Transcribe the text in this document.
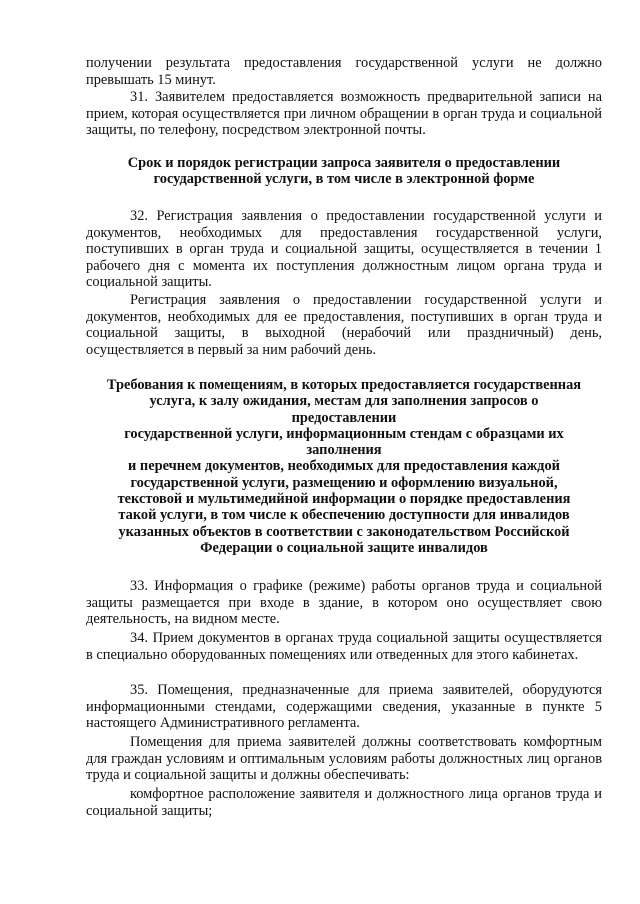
получении результата предоставления государственной услуги не должно превышать 15 минут.

31. Заявителем предоставляется возможность предварительной записи на прием, которая осуществляется при личном обращении в орган труда и социальной защиты, по телефону, посредством электронной почты.

Срок и порядок регистрации запроса заявителя о предоставлении государственной услуги, в том числе в электронной форме

32. Регистрация заявления о предоставлении государственной услуги и документов, необходимых для предоставления государственной услуги, поступивших в орган труда и социальной защиты, осуществляется в течении 1 рабочего дня с момента их поступления должностным лицом органа труда и социальной защиты.

Регистрация заявления о предоставлении государственной услуги и документов, необходимых для ее предоставления, поступивших в орган труда и социальной защиты, в выходной (нерабочий или праздничный) день, осуществляется в первый за ним рабочий день.

Требования к помещениям, в которых предоставляется государственная
услуга, к залу ожидания, местам для заполнения запросов о
предоставлении
государственной услуги, информационным стендам с образцами их
заполнения
и перечнем документов, необходимых для предоставления каждой
государственной услуги, размещению и оформлению визуальной,
текстовой и мультимедийной информации о порядке предоставления
такой услуги, в том числе к обеспечению доступности для инвалидов
указанных объектов в соответствии с законодательством Российской
Федерации о социальной защите инвалидов

33. Информация о графике (режиме) работы органов труда и социальной защиты размещается при входе в здание, в котором оно осуществляет свою деятельность, на видном месте.

34. Прием документов в органах труда социальной защиты осуществляется в специально оборудованных помещениях или отведенных для этого кабинетах.

35. Помещения, предназначенные для приема заявителей, оборудуются информационными стендами, содержащими сведения, указанные в пункте 5 настоящего Административного регламента.

Помещения для приема заявителей должны соответствовать комфортным для граждан условиям и оптимальным условиям работы должностных лиц органов труда и социальной защиты и должны обеспечивать:

комфортное расположение заявителя и должностного лица органов труда и социальной защиты;
